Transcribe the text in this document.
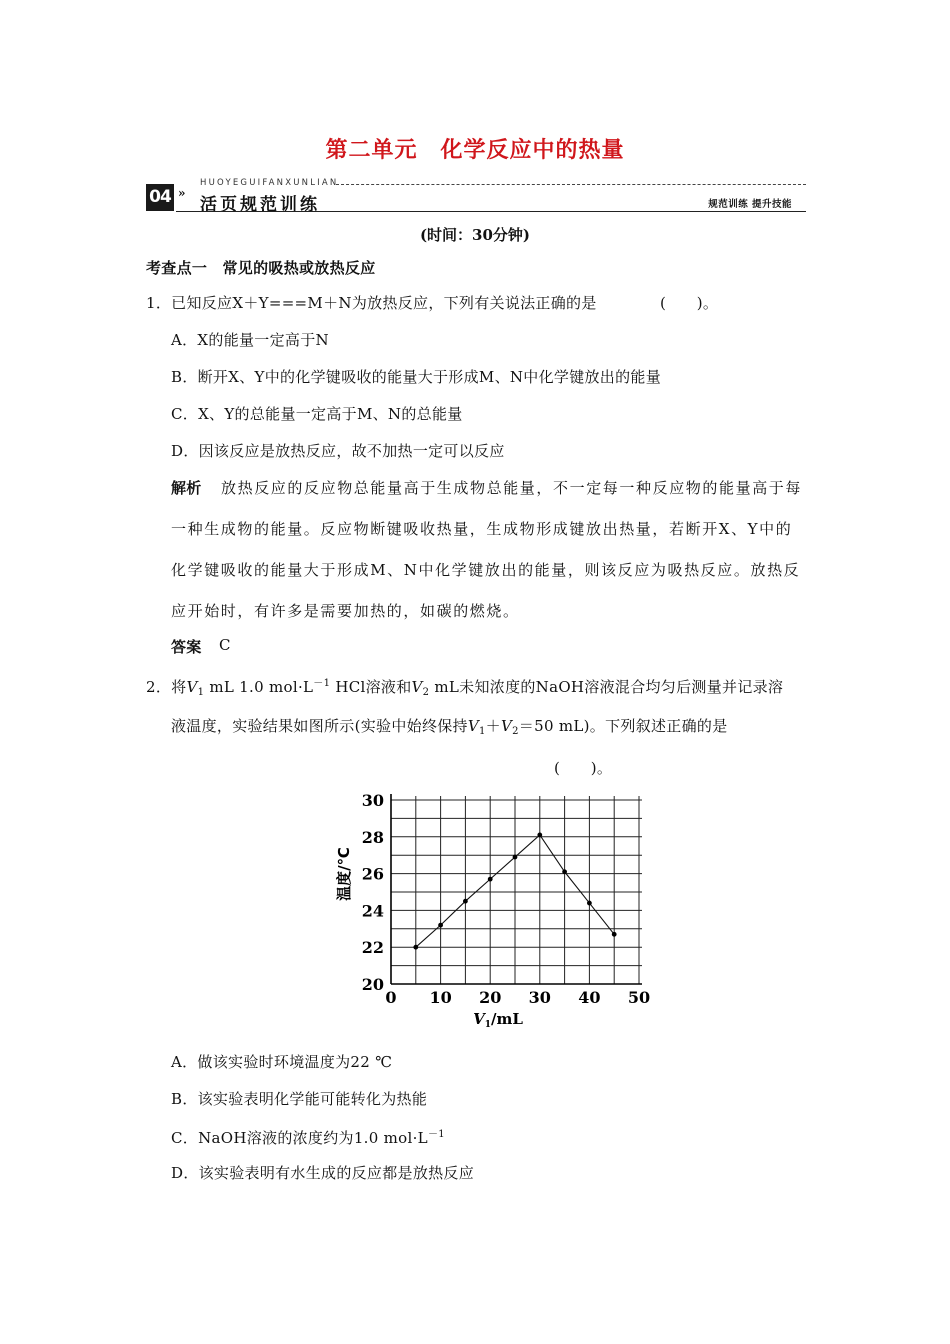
第二单元　化学反应中的热量
04 »
HUOYEGUIFANXUNLIAN
活页规范训练	规范训练 提升技能
(时间：30分钟)
考查点一　常见的吸热或放热反应
1．已知反应X＋Y===M＋N为放热反应，下列有关说法正确的是	(　　)。
A．X的能量一定高于N
B．断开X、Y中的化学键吸收的能量大于形成M、N中化学键放出的能量
C．X、Y的总能量一定高于M、N的总能量
D．因该反应是放热反应，故不加热一定可以反应
解析 放热反应的反应物总能量高于生成物总能量，不一定每一种反应物的能量高于每
一种生成物的能量。反应物断键吸收热量，生成物形成键放出热量，若断开X、Y中的
化学键吸收的能量大于形成M、N中化学键放出的能量，则该反应为吸热反应。放热反
应开始时，有许多是需要加热的，如碳的燃烧。
答案 C
2．将$V_1$ mL 1.0 $mol\cdot L^{-1}$ HCl溶液和$V_2$ mL未知浓度的NaOH溶液混合均匀后测量并记录溶
液温度，实验结果如图所示(实验中始终保持$V_1+V_2=50$ mL)。下列叙述正确的是
(　　)。
20
22
24
26
28
30
0 10 20 30 40 50
温度/℃
$V_1/mL$
A．做该实验时环境温度为22 ℃
B．该实验表明化学能可能转化为热能
C．NaOH溶液的浓度约为1.0 $mol\cdot L^{-1}$
D．该实验表明有水生成的反应都是放热反应
